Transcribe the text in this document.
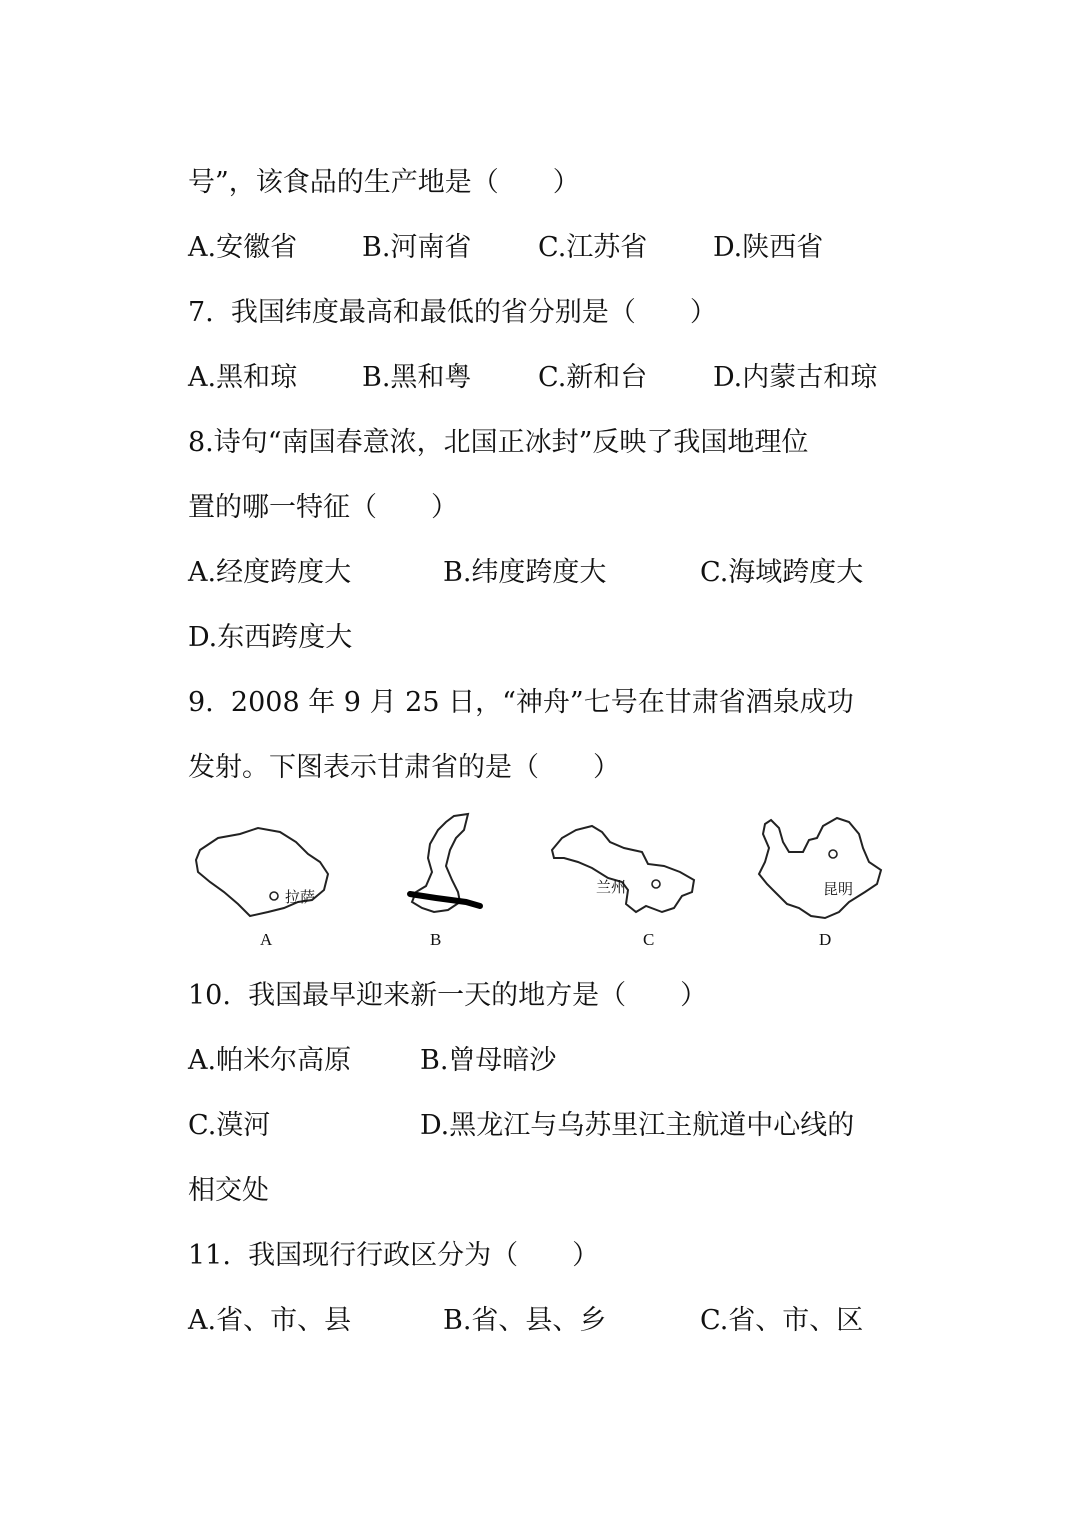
号”，该食品的生产地是（　　）
A.安徽省 B.河南省 C.江苏省 D.陕西省
7.  我国纬度最高和最低的省分别是（　　）
A.黑和琼 B.黑和粤 C.新和台 D.内蒙古和琼
8.诗句“南国春意浓，北国正冰封”反映了我国地理位
置的哪一特征（　　）
A.经度跨度大	B.纬度跨度大	C.海域跨度大
D.东西跨度大
9.  2008 年 9 月 25 日，“神舟”七号在甘肃省酒泉成功
发射。下图表示甘肃省的是（　　）
拉萨
A	B
兰州
C
昆明
D
10.  我国最早迎来新一天的地方是（　　）
A.帕米尔高原	B.曾母暗沙
C.漠河	D.黑龙江与乌苏里江主航道中心线的
相交处
11.  我国现行行政区分为（　　）
A.省、市、县	B.省、县、乡	C.省、市、区
